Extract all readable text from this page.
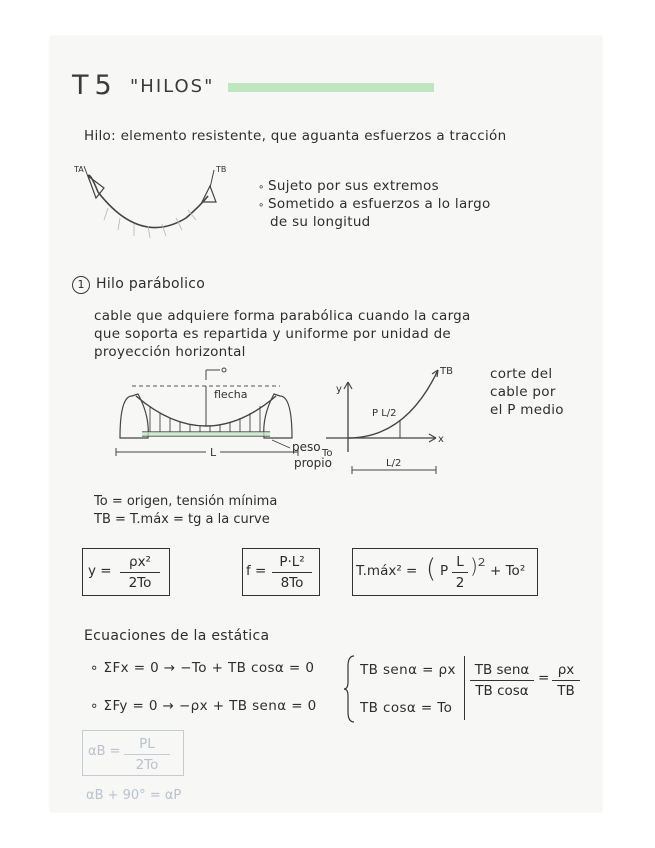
T5 "HILOS"
Hilo: elemento resistente, que aguanta esfuerzos a tracción
TA	TB
∘ Sujeto por sus extremos
∘ Sometido a esfuerzos a lo largo
de su longitud
1 Hilo parábolico
cable que adquiere forma parabólica cuando la carga
que soporta es repartida y uniforme por unidad de
proyección horizontal
flecha
L	peso
propio
y
To
TB
P L/2
x
L/2
corte del
cable por
el P medio
To = origen, tensión mínima
TB = T.máx = tg a la curve
y =
ρx²
2To
f =
P·L²
8To
T.máx² = ( P
L
2
)² + To²
Ecuaciones de la estática
∘ ΣFx = 0 → −To + TB cosα = 0
∘ ΣFy = 0 → −ρx + TB senα = 0
TB senα = ρx
TB cosα = To
TB senα
TB cosα
= ρx
TB
αB =	PL
2To
αB + 90° = αP
